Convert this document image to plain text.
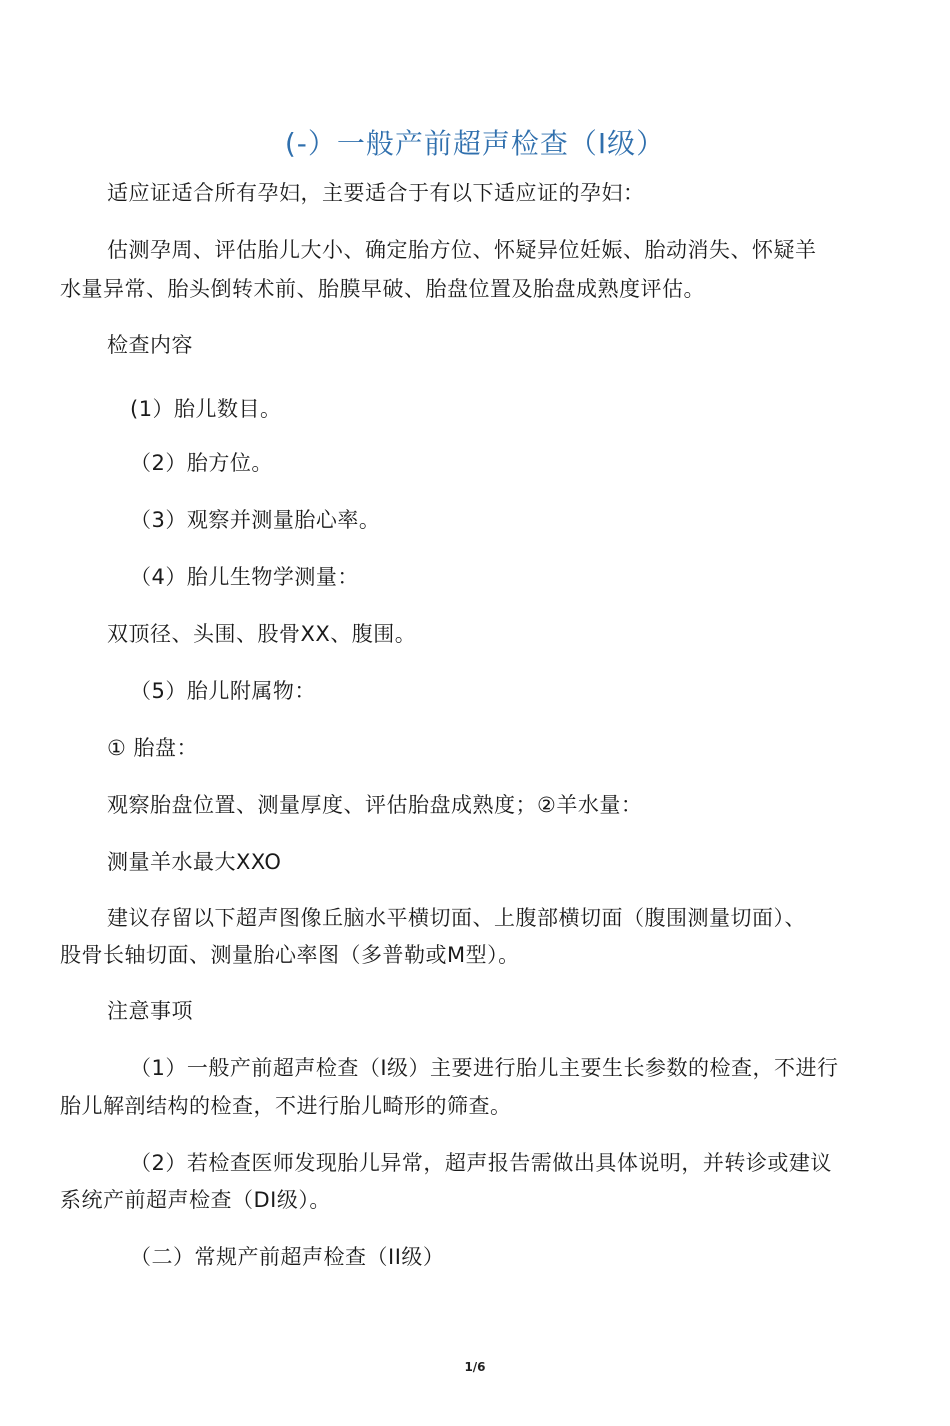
(-）一般产前超声检查（I级）
适应证适合所有孕妇，主要适合于有以下适应证的孕妇：
估测孕周、评估胎儿大小、确定胎方位、怀疑异位妊娠、胎动消失、怀疑羊
水量异常、胎头倒转术前、胎膜早破、胎盘位置及胎盘成熟度评估。
检查内容
(1）胎儿数目。
（2）胎方位。
（3）观察并测量胎心率。
（4）胎儿生物学测量：
双顶径、头围、股骨XX、腹围。
（5）胎儿附属物：
① 胎盘：
观察胎盘位置、测量厚度、评估胎盘成熟度；②羊水量：
测量羊水最大XXO
建议存留以下超声图像丘脑水平横切面、上腹部横切面（腹围测量切面）、
股骨长轴切面、测量胎心率图（多普勒或M型）。
注意事项
（1）一般产前超声检查（I级）主要进行胎儿主要生长参数的检查，不进行
胎儿解剖结构的检查，不进行胎儿畸形的筛查。
（2）若检查医师发现胎儿异常，超声报告需做出具体说明，并转诊或建议
系统产前超声检查（DI级）。
（二）常规产前超声检查（II级）
1/6
